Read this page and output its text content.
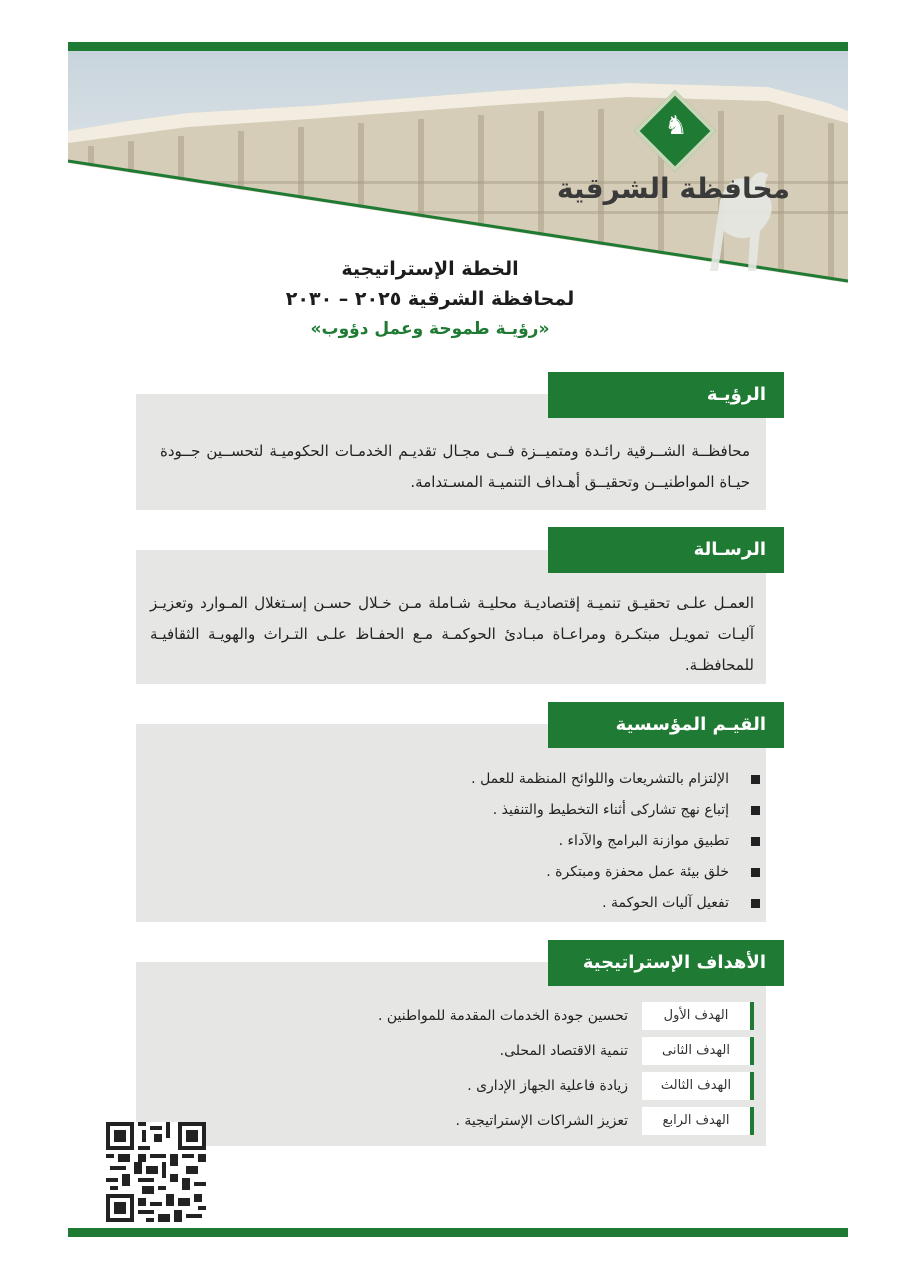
♞
محافظة الشرقية
الخطة الإستراتيجية
لمحافظة الشرقية ٢٠٢٥ – ٢٠٣٠
«رؤيـة طموحة وعمل دؤوب»
الرؤيـة
محافظــة الشــرقية رائـدة ومتميــزة فــى مجـال تقديـم الخدمـات الحكوميـة لتحســين جــودة حيـاة المواطنيــن وتحقيــق أهـداف التنميـة المسـتدامة.
الرسـالة
العمـل علـى تحقيـق تنميـة إقتصاديـة محليـة شـاملة مـن خـلال حسـن إسـتغلال المـوارد وتعزيـز آليـات تمويـل مبتكـرة ومراعـاة مبـادئ الحوكمـة مـع الحفـاظ علـى التـراث والهويـة الثقافيـة للمحافظـة.
القيـم المؤسسية
الإلتزام بالتشريعات واللوائح المنظمة للعمل .
إتباع نهج تشاركى أثناء التخطيط والتنفيذ .
تطبيق موازنة البرامج والآداء .
خلق بيئة عمل محفزة ومبتكرة .
تفعيل آليات الحوكمة .
الأهداف الإستراتيجية
الهدف الأول
تحسين جودة الخدمات المقدمة للمواطنين .
الهدف الثانى
تنمية الاقتصاد المحلى.
الهدف الثالث
زيادة فاعلية الجهاز الإدارى .
الهدف الرابع
تعزيز الشراكات الإستراتيجية .
